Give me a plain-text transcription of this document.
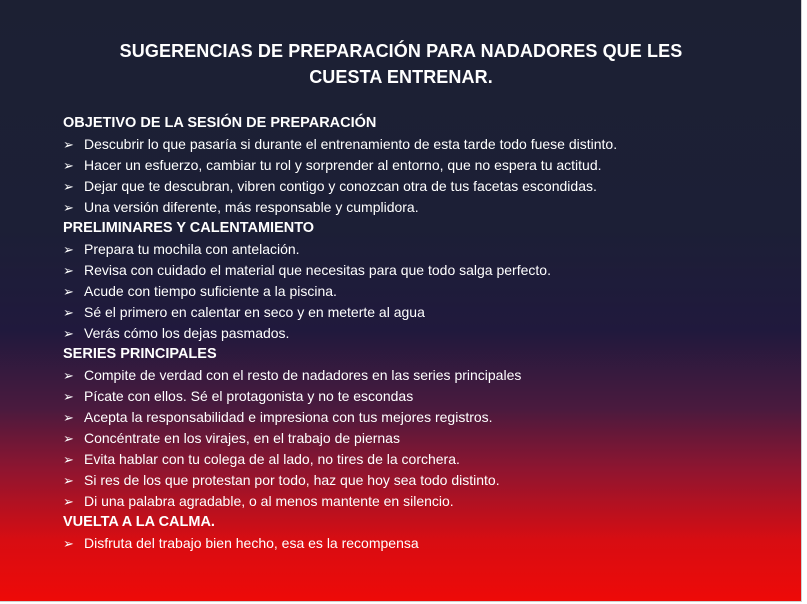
SUGERENCIAS DE PREPARACIÓN PARA NADADORES QUE LES
CUESTA ENTRENAR.
OBJETIVO DE LA SESIÓN DE PREPARACIÓN
➢ Descubrir lo que pasaría si durante el entrenamiento de esta tarde todo fuese distinto.
➢ Hacer un esfuerzo, cambiar tu rol y sorprender al entorno, que no espera tu actitud.
➢ Dejar que te descubran, vibren contigo y conozcan otra de tus facetas escondidas.
➢ Una versión diferente, más responsable y cumplidora.
PRELIMINARES Y CALENTAMIENTO
➢ Prepara tu mochila con antelación.
➢ Revisa con cuidado el material que necesitas para que todo salga perfecto.
➢ Acude con tiempo suficiente a la piscina.
➢ Sé el primero en calentar en seco y en meterte al agua
➢ Verás cómo los dejas pasmados.
SERIES PRINCIPALES
➢ Compite de verdad con el resto de nadadores en las series principales
➢ Pícate con ellos. Sé el protagonista y no te escondas
➢ Acepta la responsabilidad e impresiona con tus mejores registros.
➢ Concéntrate en los virajes, en el trabajo de piernas
➢ Evita hablar con tu colega de al lado, no tires de la corchera.
➢ Si res de los que protestan por todo, haz que hoy sea todo distinto.
➢ Di una palabra agradable, o al menos mantente en silencio.
VUELTA A LA CALMA.
➢ Disfruta del trabajo bien hecho, esa es la recompensa
